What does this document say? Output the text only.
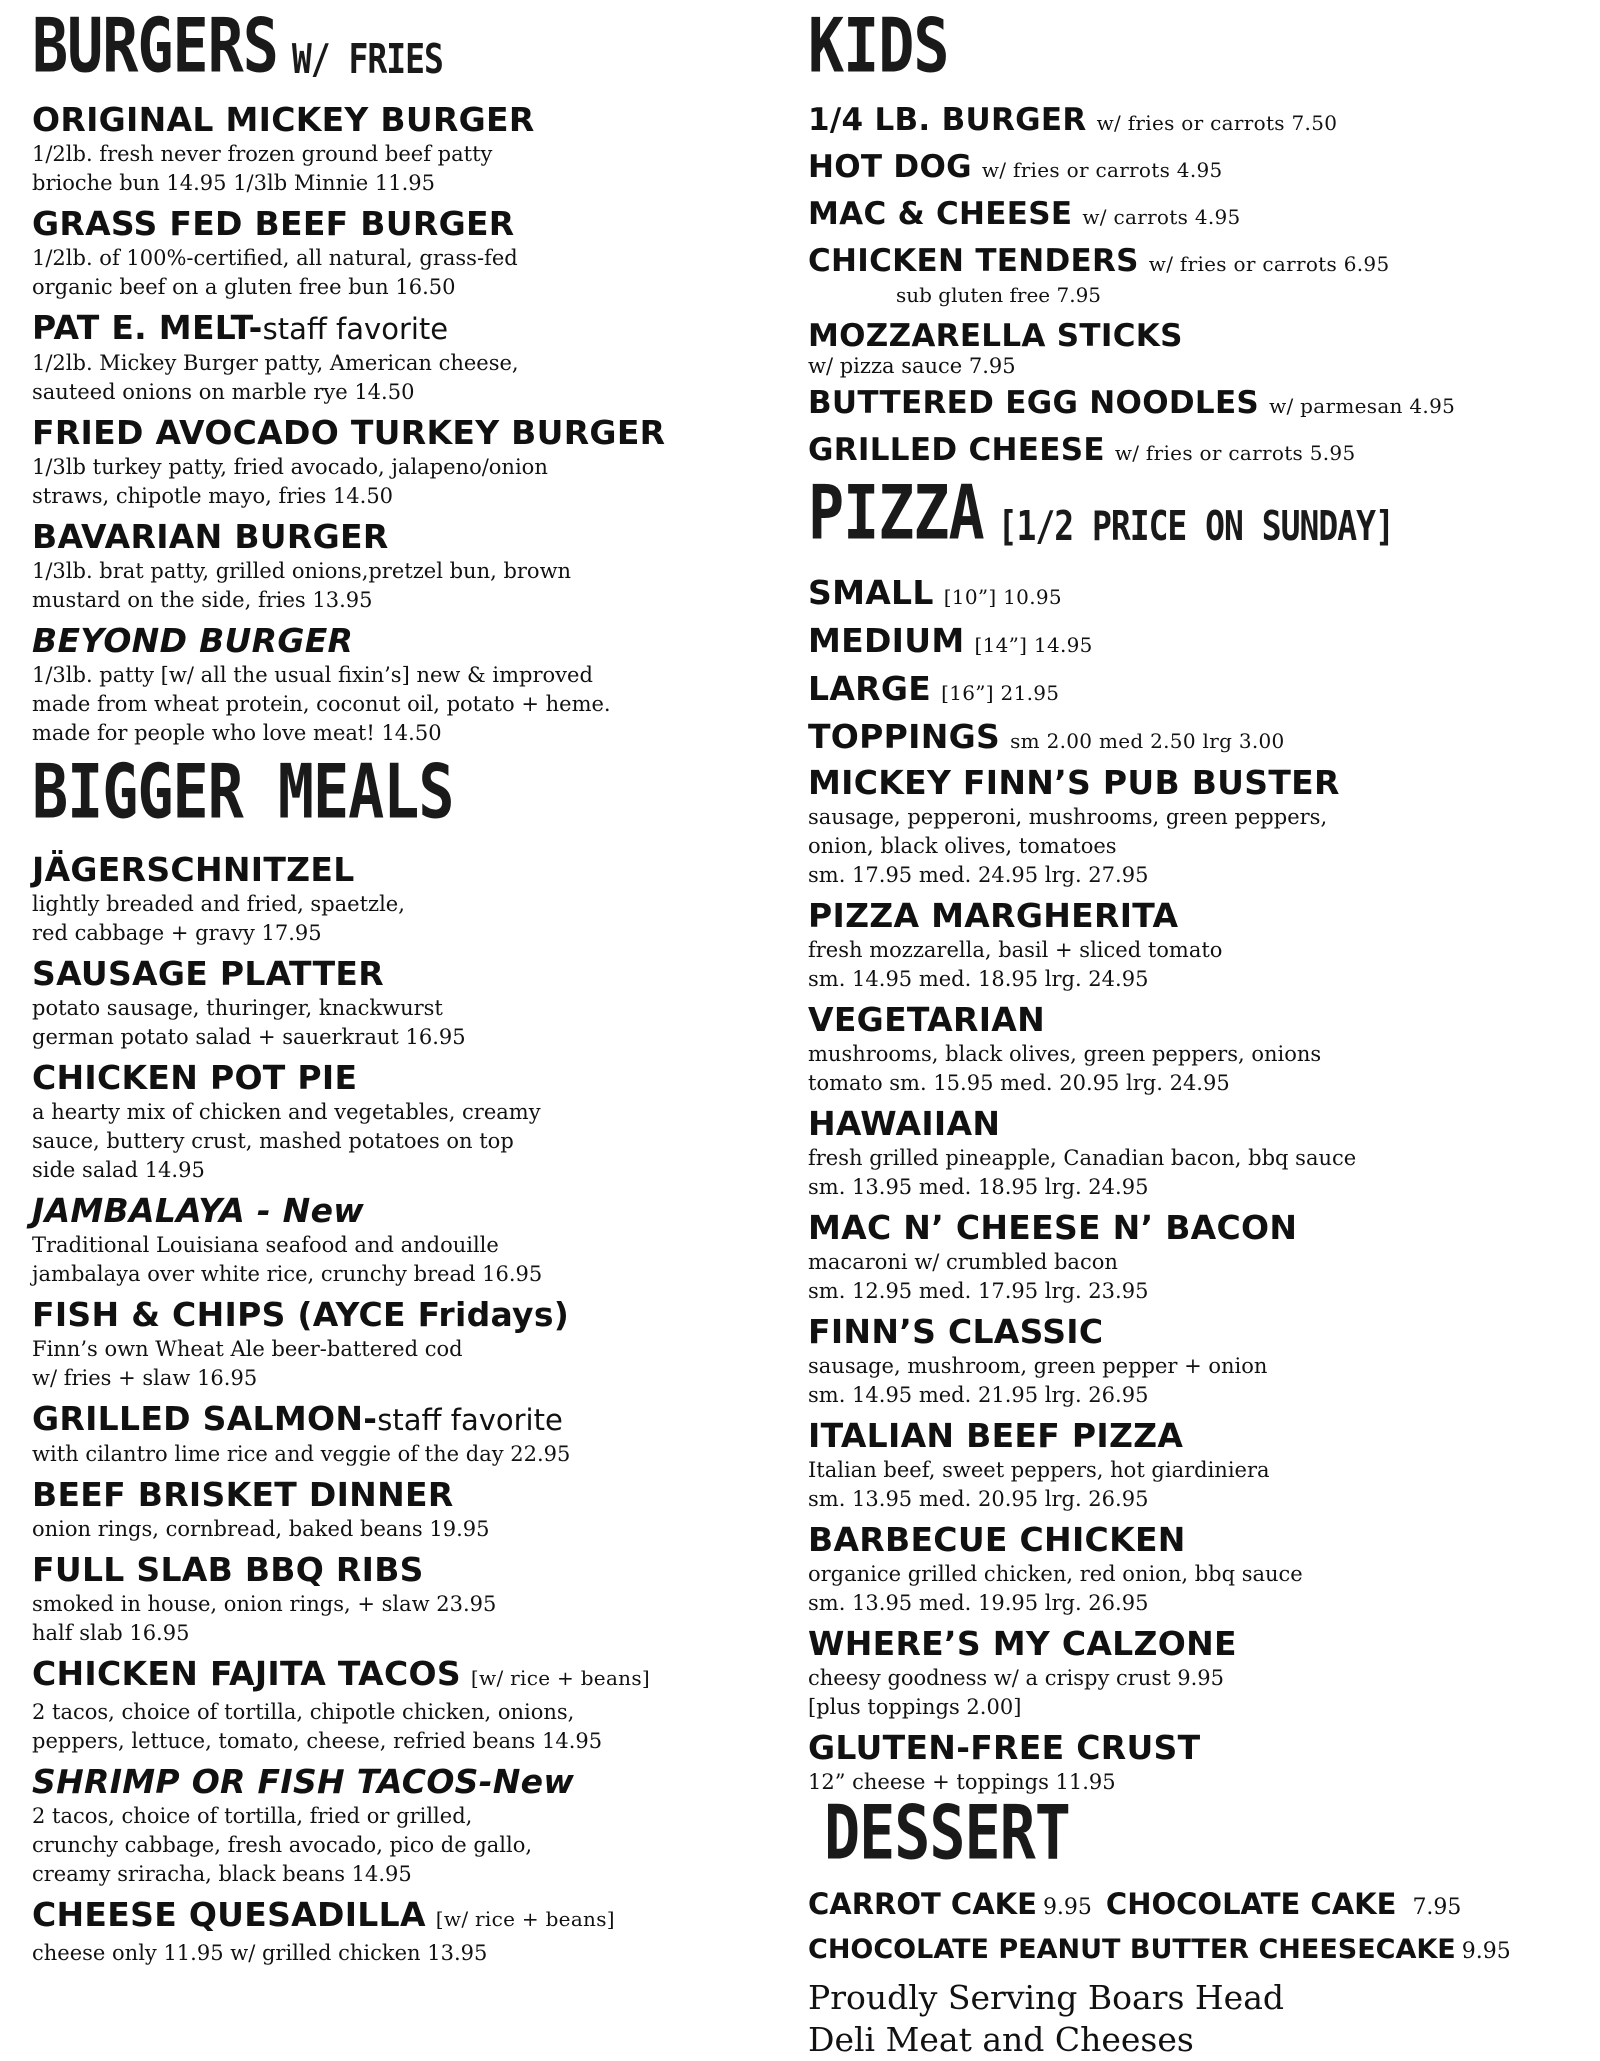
BURGERS W/ FRIES
ORIGINAL MICKEY BURGER
1/2lb. fresh never frozen ground beef patty
brioche bun 14.95 1/3lb Minnie 11.95
GRASS FED BEEF BURGER
1/2lb. of 100%-certified, all natural, grass-fed
organic beef on a gluten free bun 16.50
PAT E. MELT-staff favorite
1/2lb. Mickey Burger patty, American cheese,
sauteed onions on marble rye 14.50
FRIED AVOCADO TURKEY BURGER
1/3lb turkey patty, fried avocado, jalapeno/onion
straws, chipotle mayo, fries 14.50
BAVARIAN BURGER
1/3lb. brat patty, grilled onions,pretzel bun, brown
mustard on the side, fries 13.95
BEYOND BURGER
1/3lb. patty [w/ all the usual fixin’s] new & improved
made from wheat protein, coconut oil, potato + heme.
made for people who love meat! 14.50
BIGGER MEALS
JÄGERSCHNITZEL
lightly breaded and fried, spaetzle,
red cabbage + gravy 17.95
SAUSAGE PLATTER
potato sausage, thuringer, knackwurst
german potato salad + sauerkraut 16.95
CHICKEN POT PIE
a hearty mix of chicken and vegetables, creamy
sauce, buttery crust, mashed potatoes on top
side salad 14.95
JAMBALAYA - New
Traditional Louisiana seafood and andouille
jambalaya over white rice, crunchy bread 16.95
FISH & CHIPS (AYCE Fridays)
Finn’s own Wheat Ale beer-battered cod
w/ fries + slaw 16.95
GRILLED SALMON-staff favorite
with cilantro lime rice and veggie of the day 22.95
BEEF BRISKET DINNER
onion rings, cornbread, baked beans 19.95
FULL SLAB BBQ RIBS
smoked in house, onion rings, + slaw 23.95
half slab 16.95
CHICKEN FAJITA TACOS [w/ rice + beans]
2 tacos, choice of tortilla, chipotle chicken, onions,
peppers, lettuce, tomato, cheese, refried beans 14.95
SHRIMP OR FISH TACOS-New
2 tacos, choice of tortilla, fried or grilled,
crunchy cabbage, fresh avocado, pico de gallo,
creamy sriracha, black beans 14.95
CHEESE QUESADILLA [w/ rice + beans]
cheese only 11.95 w/ grilled chicken 13.95
KIDS
1/4 LB. BURGER w/ fries or carrots 7.50
HOT DOG w/ fries or carrots 4.95
MAC & CHEESE w/ carrots 4.95
CHICKEN TENDERS w/ fries or carrots 6.95
sub gluten free 7.95
MOZZARELLA STICKS
w/ pizza sauce 7.95
BUTTERED EGG NOODLES w/ parmesan 4.95
GRILLED CHEESE w/ fries or carrots 5.95
PIZZA [1/2 PRICE ON SUNDAY]
SMALL [10”] 10.95
MEDIUM [14”] 14.95
LARGE [16”] 21.95
TOPPINGS sm 2.00 med 2.50 lrg 3.00
MICKEY FINN’S PUB BUSTER
sausage, pepperoni, mushrooms, green peppers,
onion, black olives, tomatoes
sm. 17.95 med. 24.95 lrg. 27.95
PIZZA MARGHERITA
fresh mozzarella, basil + sliced tomato
sm. 14.95 med. 18.95 lrg. 24.95
VEGETARIAN
mushrooms, black olives, green peppers, onions
tomato sm. 15.95 med. 20.95 lrg. 24.95
HAWAIIAN
fresh grilled pineapple, Canadian bacon, bbq sauce
sm. 13.95 med. 18.95 lrg. 24.95
MAC N’ CHEESE N’ BACON
macaroni w/ crumbled bacon
sm. 12.95 med. 17.95 lrg. 23.95
FINN’S CLASSIC
sausage, mushroom, green pepper + onion
sm. 14.95 med. 21.95 lrg. 26.95
ITALIAN BEEF PIZZA
Italian beef, sweet peppers, hot giardiniera
sm. 13.95 med. 20.95 lrg. 26.95
BARBECUE CHICKEN
organice grilled chicken, red onion, bbq sauce
sm. 13.95 med. 19.95 lrg. 26.95
WHERE’S MY CALZONE
cheesy goodness w/ a crispy crust 9.95
[plus toppings 2.00]
GLUTEN-FREE CRUST
12” cheese + toppings 11.95
DESSERT
CARROT CAKE 9.95 CHOCOLATE CAKE 7.95
CHOCOLATE PEANUT BUTTER CHEESECAKE 9.95
Proudly Serving Boars Head
Deli Meat and Cheeses
